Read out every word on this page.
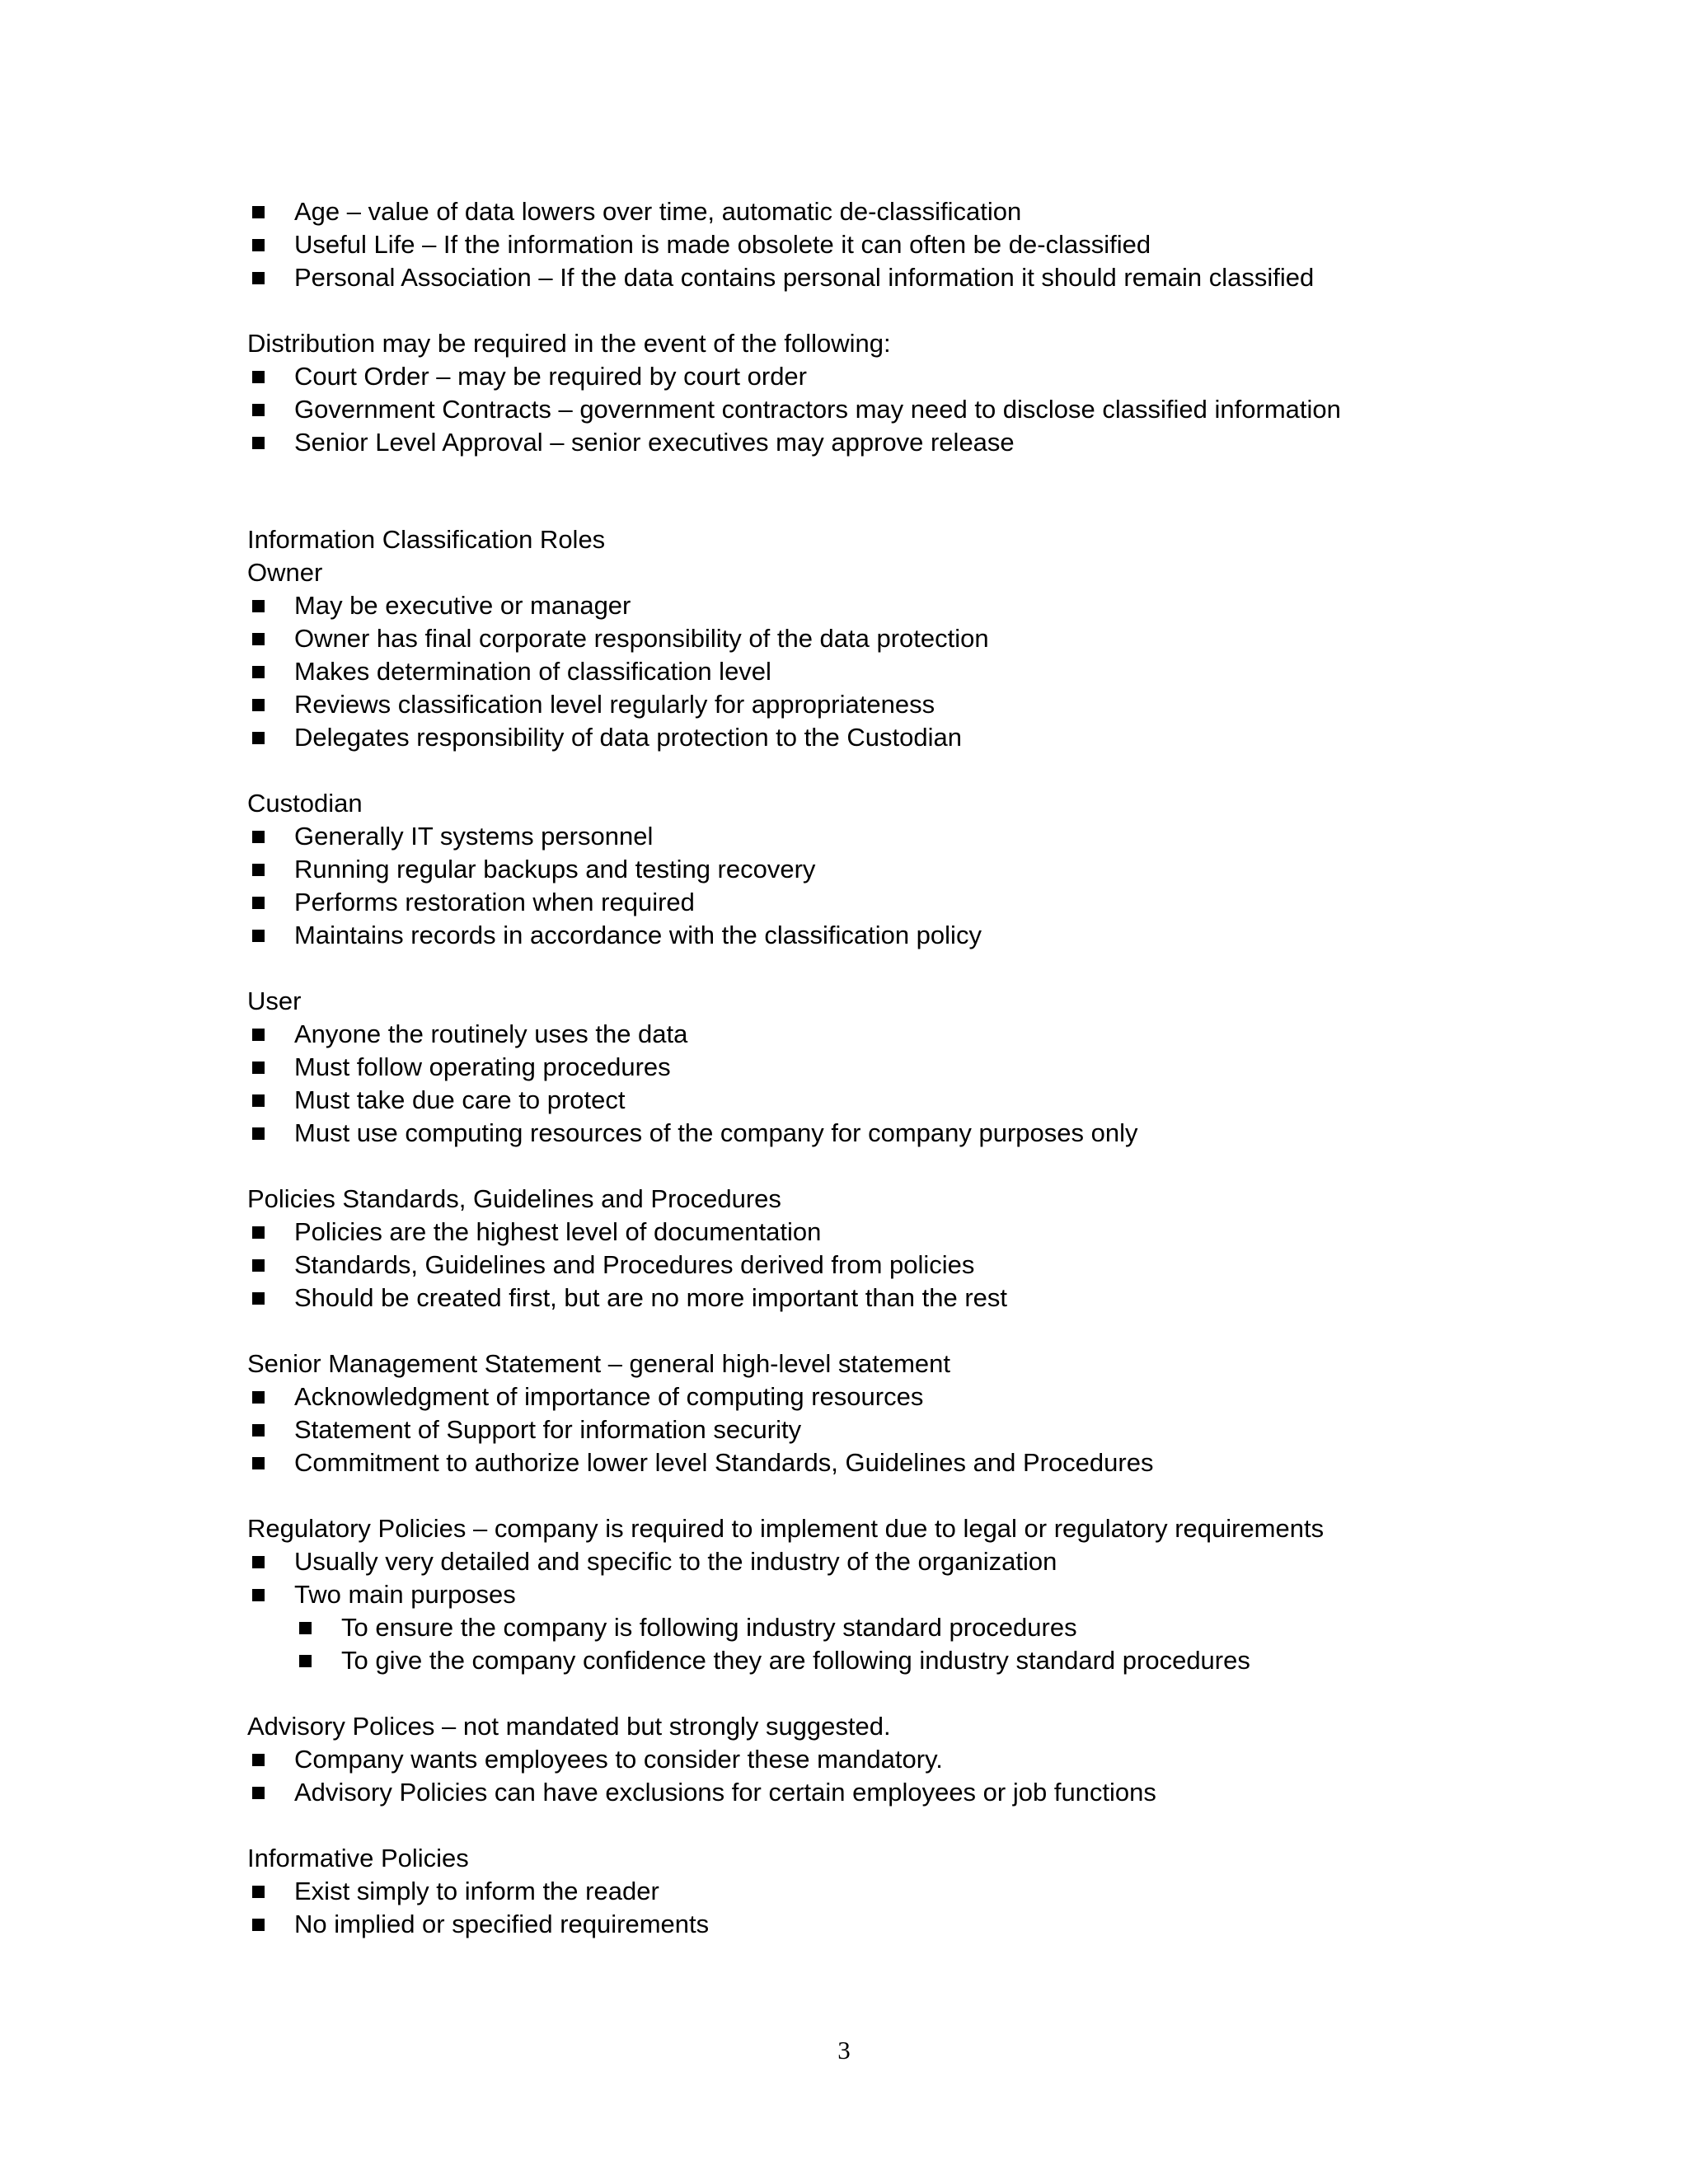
Age – value of data lowers over time, automatic de-classification
Useful Life – If the information is made obsolete it can often be de-classified
Personal Association – If the data contains personal information it should remain classified
Distribution may be required in the event of the following:
Court Order – may be required by court order
Government Contracts – government contractors may need to disclose classified information
Senior Level Approval – senior executives may approve release
Information Classification Roles
Owner
May be executive or manager
Owner has final corporate responsibility of the data protection
Makes determination of classification level
Reviews classification level regularly for appropriateness
Delegates responsibility of data protection to the Custodian
Custodian
Generally IT systems personnel
Running regular backups and testing recovery
Performs restoration when required
Maintains records in accordance with the classification policy
User
Anyone the routinely uses the data
Must follow operating procedures
Must take due care to protect
Must use computing resources of the company for company purposes only
Policies Standards, Guidelines and Procedures
Policies are the highest level of documentation
Standards, Guidelines and Procedures derived from policies
Should be created first, but are no more important than the rest
Senior Management Statement – general high-level statement
Acknowledgment of importance of computing resources
Statement of Support for information security
Commitment to authorize lower level Standards, Guidelines and Procedures
Regulatory Policies – company is required to implement due to legal or regulatory requirements
Usually very detailed and specific to the industry of the organization
Two main purposes
To ensure the company is following industry standard procedures
To give the company confidence they are following industry standard procedures
Advisory Polices – not mandated but strongly suggested.
Company wants employees to consider these mandatory.
Advisory Policies can have exclusions for certain employees or job functions
Informative Policies
Exist simply to inform the reader
No implied or specified requirements
3
